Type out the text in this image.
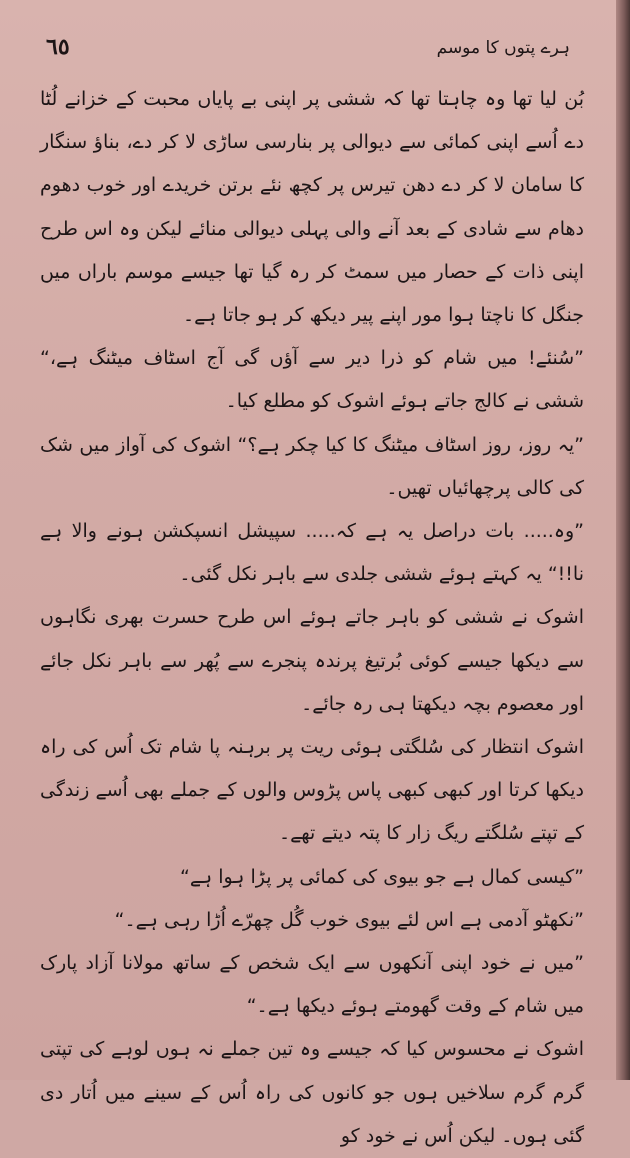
٦٥	ہرے پتوں کا موسم

بُن لیا تھا وہ چاہتا تھا کہ ششی پر اپنی بے پایاں محبت کے خزانے لُٹا دے اُسے اپنی کمائی سے دیوالی پر بنارسی ساڑی لا کر دے، بناؤ سنگار کا سامان لا کر دے دھن تیرس پر کچھ نئے برتن خریدے اور خوب دھوم دھام سے شادی کے بعد آنے والی پہلی دیوالی منائے لیکن وہ اس طرح اپنی ذات کے حصار میں سمٹ کر رہ گیا تھا جیسے موسم باراں میں جنگل کا ناچتا ہوا مور اپنے پیر دیکھ کر ہو جاتا ہے۔

”سُنئے! میں شام کو ذرا دیر سے آؤں گی آج اسٹاف میٹنگ ہے،“ ششی نے کالج جاتے ہوئے اشوک کو مطلع کیا۔

”یہ روز، روز اسٹاف میٹنگ کا کیا چکر ہے؟“ اشوک کی آواز میں شک کی کالی پرچھائیاں تھیں۔

”وہ..... بات دراصل یہ ہے کہ..... سپیشل انسپکشن ہونے والا ہے نا!!“ یہ کہتے ہوئے ششی جلدی سے باہر نکل گئی۔

اشوک نے ششی کو باہر جاتے ہوئے اس طرح حسرت بھری نگاہوں سے دیکھا جیسے کوئی بُرتیغ پرندہ پنجرے سے پُھر سے باہر نکل جائے اور معصوم بچہ دیکھتا ہی رہ جائے۔

اشوک انتظار کی سُلگتی ہوئی ریت پر برہنہ پا شام تک اُس کی راہ دیکھا کرتا اور کبھی کبھی پاس پڑوس والوں کے جملے بھی اُسے زندگی کے تپتے سُلگتے ریگ زار کا پتہ دیتے تھے۔

”کیسی کمال ہے جو بیوی کی کمائی پر پڑا ہوا ہے“

”نکھٹو آدمی ہے اس لئے بیوی خوب گُل چھرّے اُڑا رہی ہے۔“

”میں نے خود اپنی آنکھوں سے ایک شخص کے ساتھ مولانا آزاد پارک میں شام کے وقت گھومتے ہوئے دیکھا ہے۔“

اشوک نے محسوس کیا کہ جیسے وہ تین جملے نہ ہوں لوہے کی تپتی گرم گرم سلاخیں ہوں جو کانوں کی راہ اُس کے سینے میں اُتار دی گئی ہوں۔ لیکن اُس نے خود کو
